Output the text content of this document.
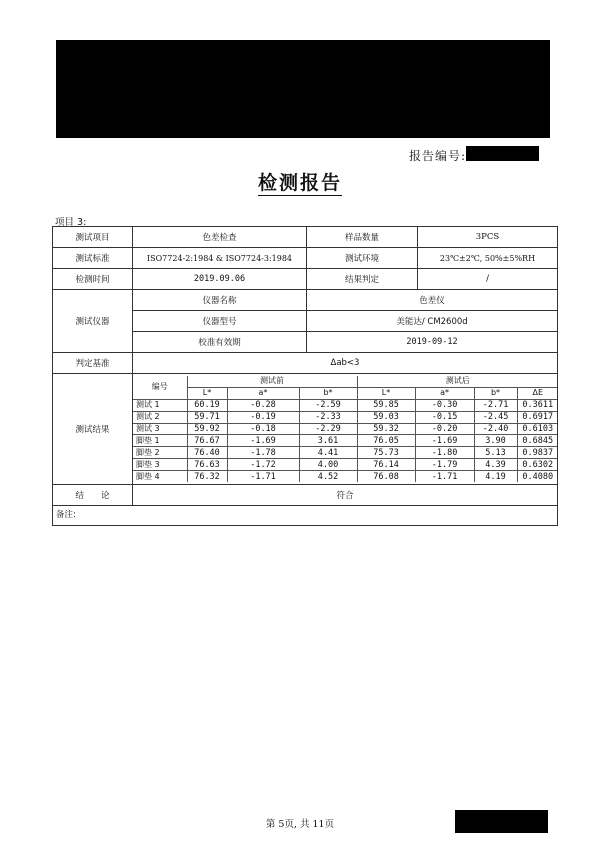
报告编号:
检测报告
项目 3:
测试项目	色差检查	样品数量	3PCS
测试标准	ISO7724-2:1984 & ISO7724-3:1984	测试环境	23℃±2℃, 50%±5%RH
检测时间	2019.09.06	结果判定	/
测试仪器	仪器名称	色差仪
仪器型号	美能达/ CM2600d
校准有效期	2019-09-12
判定基准	Δab<3
测试结果	
编号	测试前	测试后
L*	a*	b*	L*	a*	b*	ΔE
测试 1	60.19	-0.28	-2.59	59.85	-0.30	-2.71	0.3611
测试 2	59.71	-0.19	-2.33	59.03	-0.15	-2.45	0.6917
测试 3	59.92	-0.18	-2.29	59.32	-0.20	-2.40	0.6103
脚垫 1	76.67	-1.69	3.61	76.05	-1.69	3.90	0.6845
脚垫 2	76.40	-1.78	4.41	75.73	-1.80	5.13	0.9837
脚垫 3	76.63	-1.72	4.00	76.14	-1.79	4.39	0.6302
脚垫 4	76.32	-1.71	4.52	76.08	-1.71	4.19	0.4080

结　　论	符合
备注:
第 5页, 共 11页
